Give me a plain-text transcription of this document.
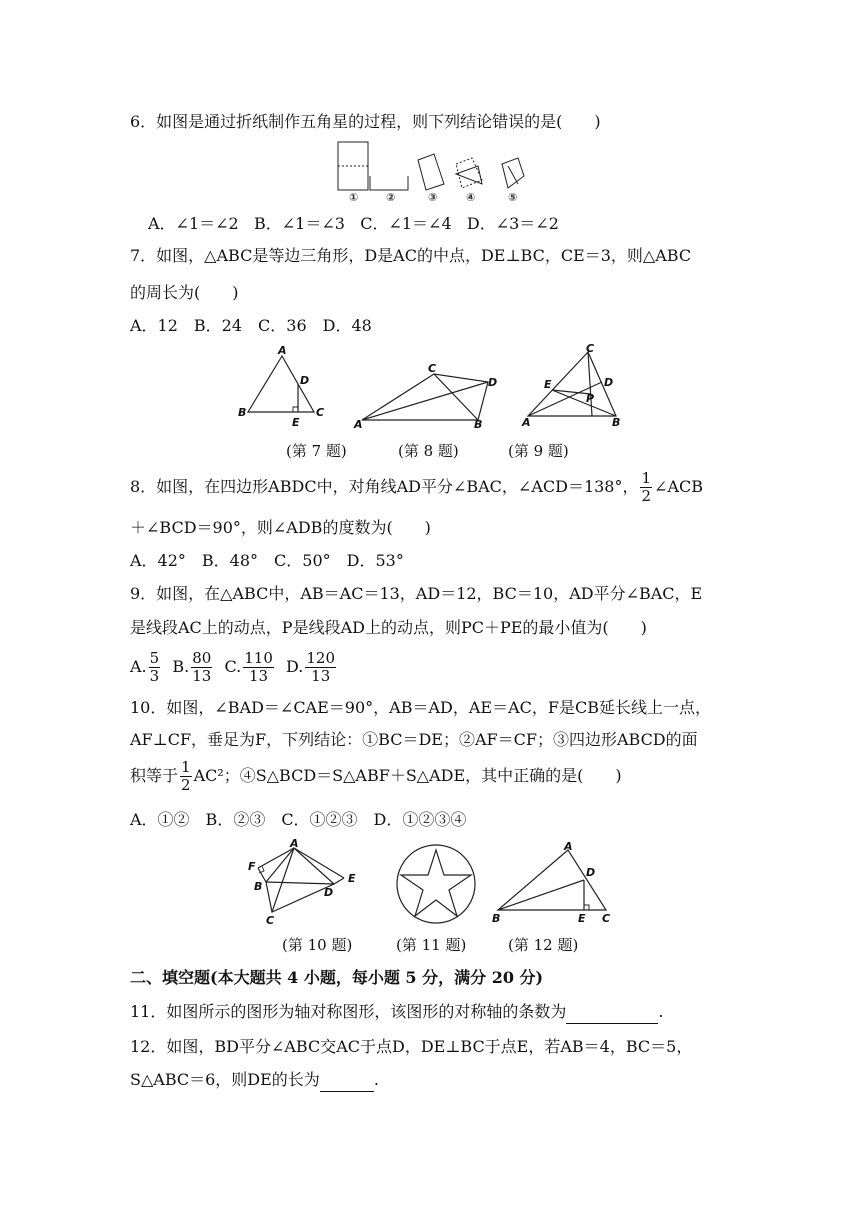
6．如图是通过折纸制作五角星的过程，则下列结论错误的是(　　)
①	②	③	④	⑤
A．∠1＝∠2 B．∠1＝∠3 C．∠1＝∠4 D．∠3＝∠2
7．如图，△ABC是等边三角形，D是AC的中点，DE⊥BC，CE＝3，则△ABC
的周长为(　　)
A．12　B．24　C．36　D．48
A
D
B
E
C
C
D
A	B
C
E	D
P
A	B
(第 7 题)	(第 8 题)	(第 9 题)
8．如图，在四边形ABDC中，对角线AD平分∠BAC，∠ACD＝138°， $\frac{1}{2}$ ∠ACB
＋∠BCD＝90°，则∠ADB的度数为(　　)
A．42°　B．48°　C．50°　D．53°
9．如图，在△ABC中，AB＝AC＝13，AD＝12，BC＝10，AD平分∠BAC，E
是线段AC上的动点，P是线段AD上的动点，则PC＋PE的最小值为(　　)
A. $\frac{5}{3} B$. $\frac{80}{13} C$. $\frac{110}{13} D$. $\frac{120}{13}$
10．如图，∠BAD＝∠CAE＝90°，AB＝AD，AE＝AC，F是CB延长线上一点，
AF⊥CF，垂足为F，下列结论：①BC＝DE；②AF＝CF；③四边形ABCD的面
积等于 $\frac{1}{2} AC^2$；④S△BCD＝S△ABF＋S△ADE，其中正确的是(　　)
A．①②　B．②③　C．①②③　D．①②③④
A
F
B
E
D
C
A
D
B	E C
(第 10 题)	(第 11 题)	(第 12 题)
二、填空题(本大题共 4 小题，每小题 5 分，满分 20 分)
11．如图所示的图形为轴对称图形，该图形的对称轴的条数为	.
12．如图，BD平分∠ABC交AC于点D，DE⊥BC于点E，若AB＝4，BC＝5，
S△ABC＝6，则DE的长为	.
